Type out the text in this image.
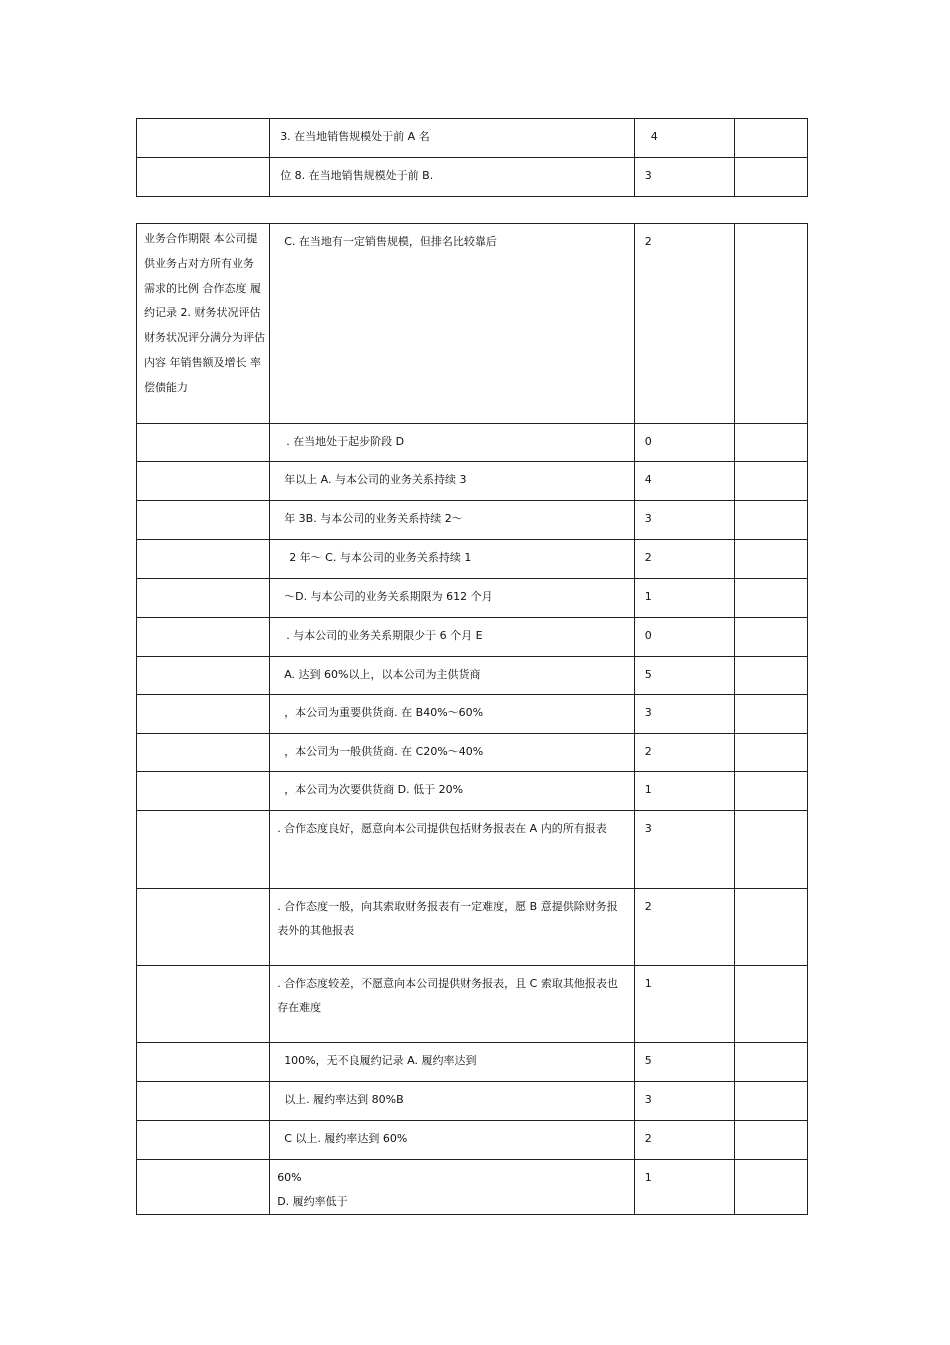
	3. 在当地销售规模处于前 A 名	4	

	位 8. 在当地销售规模处于前 B.	3	

业务合作期限 本公司提供业务占对方所有业务 需求的比例 合作态度 履约记录 2. 财务状况评估财务状况评分满分为评估内容 年销售额及增长 率 偿债能力	C. 在当地有一定销售规模，但排名比较靠后	2	

	. 在当地处于起步阶段 D	0	

	年以上 A. 与本公司的业务关系持续 3	4	

	年 3B. 与本公司的业务关系持续 2～	3	

	2 年～ C. 与本公司的业务关系持续 1	2	

	～D. 与本公司的业务关系期限为 612 个月	1	

	. 与本公司的业务关系期限少于 6 个月 E	0	

	A. 达到 60%以上，以本公司为主供货商	5	

	，本公司为重要供货商. 在 B40%～60%	3	

	，本公司为一般供货商. 在 C20%～40%	2	

	，本公司为次要供货商 D. 低于 20%	1	

	. 合作态度良好，愿意向本公司提供包括财务报表在 A 内的所有报表	3	

	. 合作态度一般，向其索取财务报表有一定难度，愿 B 意提供除财务报表外的其他报表	2	

	. 合作态度较差，不愿意向本公司提供财务报表，且 C 索取其他报表也存在难度	1	

	100%，无不良履约记录 A. 履约率达到	5	

	以上. 履约率达到 80%B	3	

	C 以上. 履约率达到 60%	2	

	60%
D. 履约率低于	1	
